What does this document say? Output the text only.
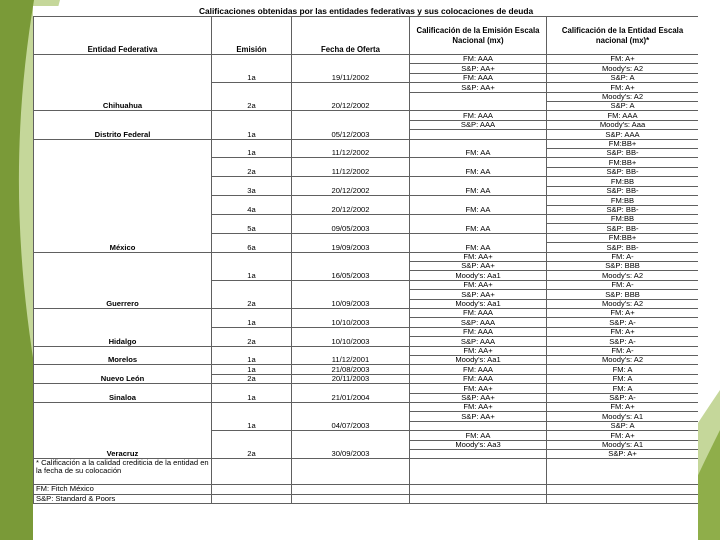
Calificaciones obtenidas por las entidades federativas y sus colocaciones de deuda				
Entidad Federativa	Emisión	Fecha de Oferta	Calificación de la Emisión Escala Nacional (mx)	Calificación de la Entidad Escala nacional (mx)*
Chihuahua	1a	19/11/2002	FM: AAA	FM: A+
			S&P: AA+	Moody's: A2
			FM: AAA	S&P: A
	2a	20/12/2002	S&P: AA+	FM: A+
				Moody's: A2
				S&P: A
Distrito Federal	1a	05/12/2003	FM: AAA	FM: AAA
			S&P: AAA	Moody's: Aaa
				S&P: AAA
México	1a	11/12/2002	FM: AA	FM:BB+
				S&P: BB-
	2a	11/12/2002	FM: AA	FM:BB+
				S&P: BB-
	3a	20/12/2002	FM: AA	FM:BB
				S&P: BB-
	4a	20/12/2002	FM: AA	FM:BB
				S&P: BB-
	5a	09/05/2003	FM: AA	FM:BB
				S&P: BB-
	6a	19/09/2003	FM: AA	FM:BB+
				S&P: BB-
Guerrero	1a	16/05/2003	FM: AA+	FM: A-
			S&P: AA+	S&P: BBB
			Moody's: Aa1	Moody's: A2
	2a	10/09/2003	FM: AA+	FM: A-
			S&P: AA+	S&P: BBB
			Moody's: Aa1	Moody's: A2
Hidalgo	1a	10/10/2003	FM: AAA	FM: A+
			S&P: AAA	S&P: A-
	2a	10/10/2003	FM: AAA	FM: A+
			S&P: AAA	S&P: A-
Morelos	1a	11/12/2001	FM: AA+	FM: A-
			Moody's: Aa1	Moody's: A2
Nuevo León	1a	21/08/2003	FM: AAA	FM: A
	2a	20/11/2003	FM: AAA	FM: A
Sinaloa	1a	21/01/2004	FM: AA+	FM: A
			S&P: AA+	S&P: A-
Veracruz	1a	04/07/2003	FM: AA+	FM: A+
			S&P: AA+	Moody's: A1
				S&P: A
	2a	30/09/2003	FM: AA	FM: A+
			Moody's: Aa3	Moody's: A1
				S&P: A+
* Calificación a la calidad crediticia de la entidad en la fecha de su colocación				
FM: Fitch México				
S&P: Standard & Poors				
